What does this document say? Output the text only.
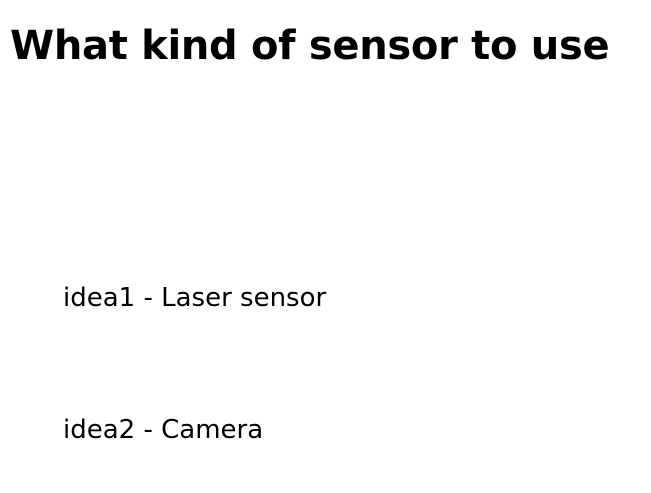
What kind of sensor to use

idea1 - Laser sensor

idea2 - Camera
